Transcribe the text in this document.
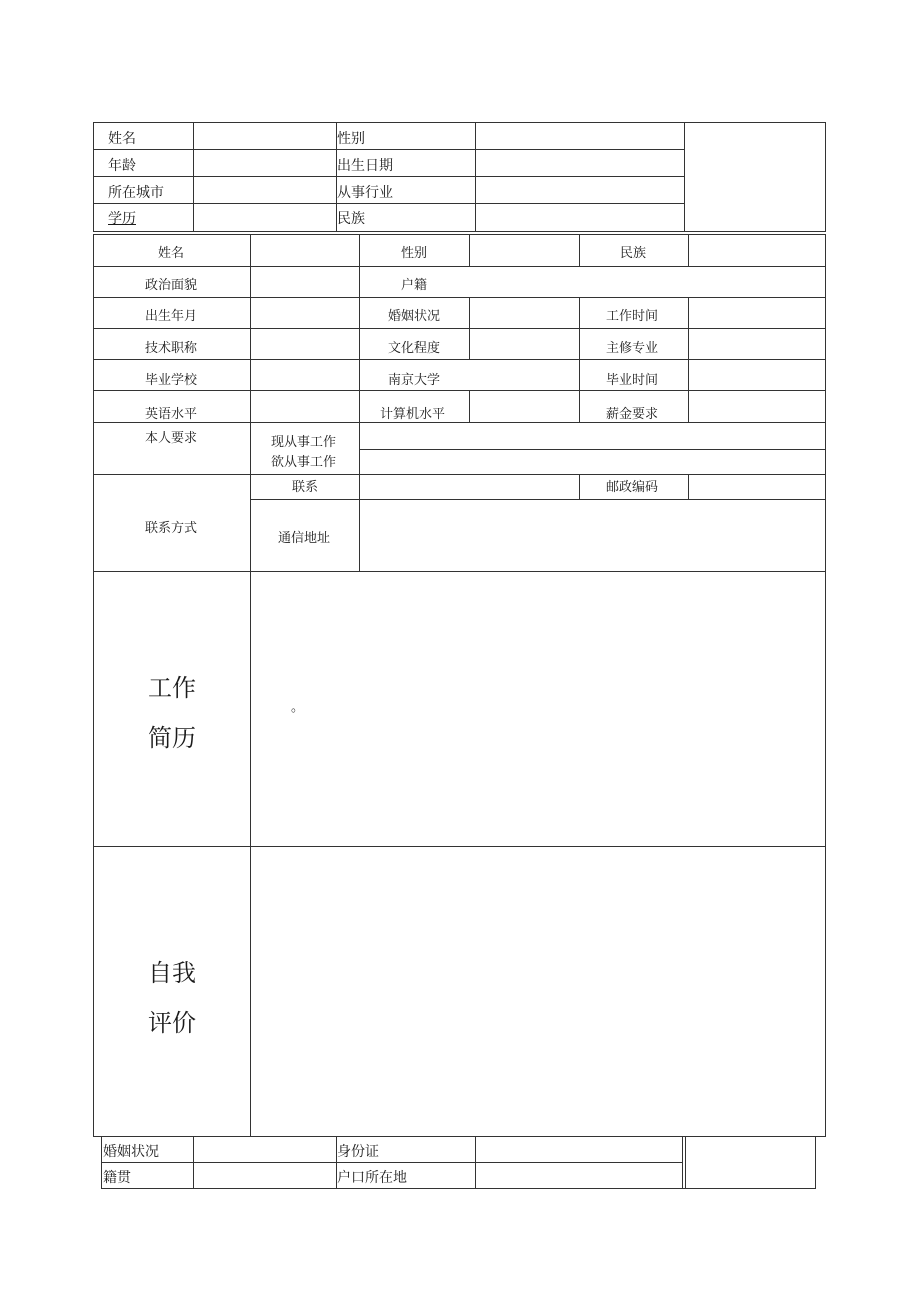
姓名	性别
年龄	出生日期
所在城市	从事行业
学历	民族
姓名	性别	民族
政治面貌	户籍
出生年月	婚姻状况	工作时间
技术职称	文化程度	主修专业
毕业学校	南京大学	毕业时间
英语水平	计算机水平	薪金要求
本人要求	现从事工作
欲从事工作
联系	邮政编码
联系方式
通信地址
工作
简历
。
自我
评价
婚姻状况	身份证
籍贯	户口所在地
